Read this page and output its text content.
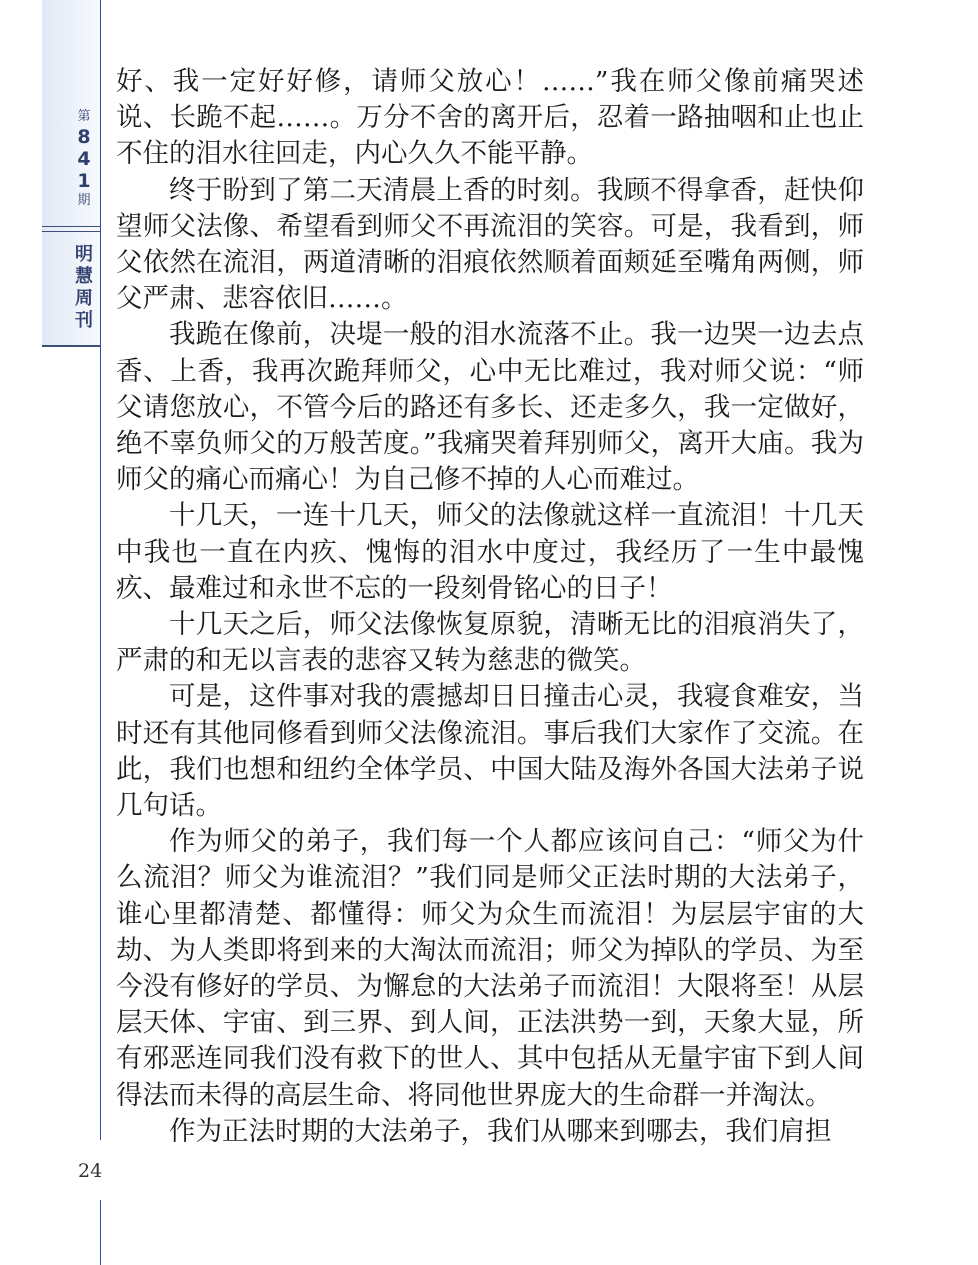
第
8
4
1
期
明
慧
周
刊
24

好、我一定好好修，请师父放心！……”我在师父像前痛哭述说、长跪不起……。万分不舍的离开后，忍着一路抽咽和止也止不住的泪水往回走，内心久久不能平静。

终于盼到了第二天清晨上香的时刻。我顾不得拿香，赶快仰望师父法像、希望看到师父不再流泪的笑容。可是，我看到，师父依然在流泪，两道清晰的泪痕依然顺着面颊延至嘴角两侧，师父严肃、悲容依旧……。

我跪在像前，决堤一般的泪水流落不止。我一边哭一边去点香、上香，我再次跪拜师父，心中无比难过，我对师父说：“师父请您放心，不管今后的路还有多长、还走多久，我一定做好，绝不辜负师父的万般苦度。”我痛哭着拜别师父，离开大庙。我为师父的痛心而痛心！为自己修不掉的人心而难过。

十几天，一连十几天，师父的法像就这样一直流泪！十几天中我也一直在内疚、愧悔的泪水中度过，我经历了一生中最愧疚、最难过和永世不忘的一段刻骨铭心的日子！

十几天之后，师父法像恢复原貌，清晰无比的泪痕消失了，严肃的和无以言表的悲容又转为慈悲的微笑。

可是，这件事对我的震撼却日日撞击心灵，我寝食难安，当时还有其他同修看到师父法像流泪。事后我们大家作了交流。在此，我们也想和纽约全体学员、中国大陆及海外各国大法弟子说几句话。

作为师父的弟子，我们每一个人都应该问自己：“师父为什么流泪？师父为谁流泪？”我们同是师父正法时期的大法弟子，谁心里都清楚、都懂得：师父为众生而流泪！为层层宇宙的大劫、为人类即将到来的大淘汰而流泪；师父为掉队的学员、为至今没有修好的学员、为懈怠的大法弟子而流泪！大限将至！从层层天体、宇宙、到三界、到人间，正法洪势一到，天象大显，所有邪恶连同我们没有救下的世人、其中包括从无量宇宙下到人间得法而未得的高层生命、将同他世界庞大的生命群一并淘汰。

作为正法时期的大法弟子，我们从哪来到哪去，我们肩担
